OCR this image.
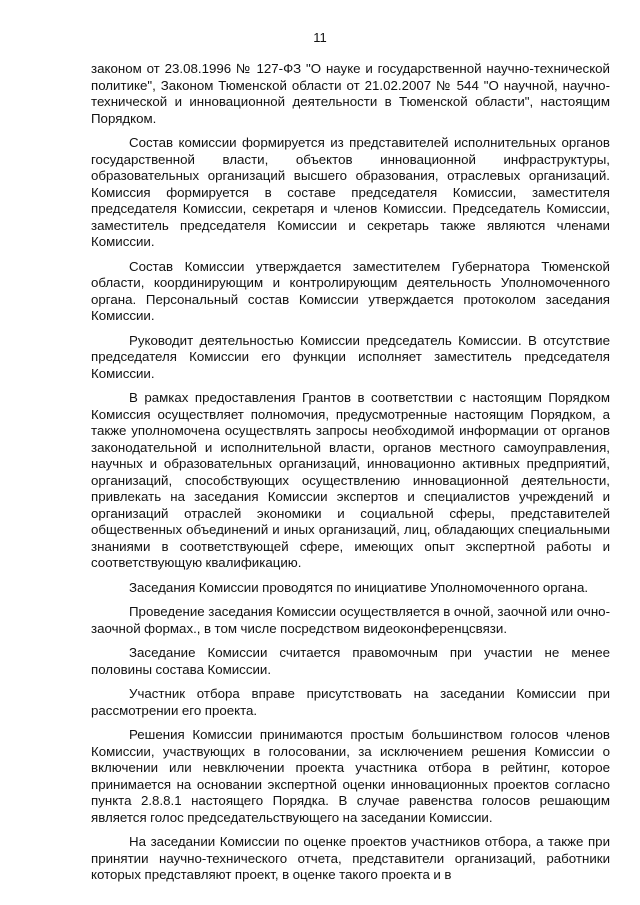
11

законом от 23.08.1996 № 127-ФЗ "О науке и государственной научно-технической политике", Законом Тюменской области от 21.02.2007 № 544 "О научной, научно-технической и инновационной деятельности в Тюменской области", настоящим Порядком.

Состав комиссии формируется из представителей исполнительных органов государственной власти, объектов инновационной инфраструктуры, образовательных организаций высшего образования, отраслевых организаций. Комиссия формируется в составе председателя Комиссии, заместителя председателя Комиссии, секретаря и членов Комиссии. Председатель Комиссии, заместитель председателя Комиссии и секретарь также являются членами Комиссии.

Состав Комиссии утверждается заместителем Губернатора Тюменской области, координирующим и контролирующим деятельность Уполномоченного органа. Персональный состав Комиссии утверждается протоколом заседания Комиссии.

Руководит деятельностью Комиссии председатель Комиссии. В отсутствие председателя Комиссии его функции исполняет заместитель председателя Комиссии.

В рамках предоставления Грантов в соответствии с настоящим Порядком Комиссия осуществляет полномочия, предусмотренные настоящим Порядком, а также уполномочена осуществлять запросы необходимой информации от органов законодательной и исполнительной власти, органов местного самоуправления, научных и образовательных организаций, инновационно активных предприятий, организаций, способствующих осуществлению инновационной деятельности, привлекать на заседания Комиссии экспертов и специалистов учреждений и организаций отраслей экономики и социальной сферы, представителей общественных объединений и иных организаций, лиц, обладающих специальными знаниями в соответствующей сфере, имеющих опыт экспертной работы и соответствующую квалификацию.

Заседания Комиссии проводятся по инициативе Уполномоченного органа.

Проведение заседания Комиссии осуществляется в очной, заочной или очно-заочной формах., в том числе посредством видеоконференцсвязи.

Заседание Комиссии считается правомочным при участии не менее половины состава Комиссии.

Участник отбора вправе присутствовать на заседании Комиссии при рассмотрении его проекта.

Решения Комиссии принимаются простым большинством голосов членов Комиссии, участвующих в голосовании, за исключением решения Комиссии о включении или невключении проекта участника отбора в рейтинг, которое принимается на основании экспертной оценки инновационных проектов согласно пункта 2.8.8.1 настоящего Порядка. В случае равенства голосов решающим является голос председательствующего на заседании Комиссии.

На заседании Комиссии по оценке проектов участников отбора, а также при принятии научно-технического отчета, представители организаций, работники которых представляют проект, в оценке такого проекта и в
